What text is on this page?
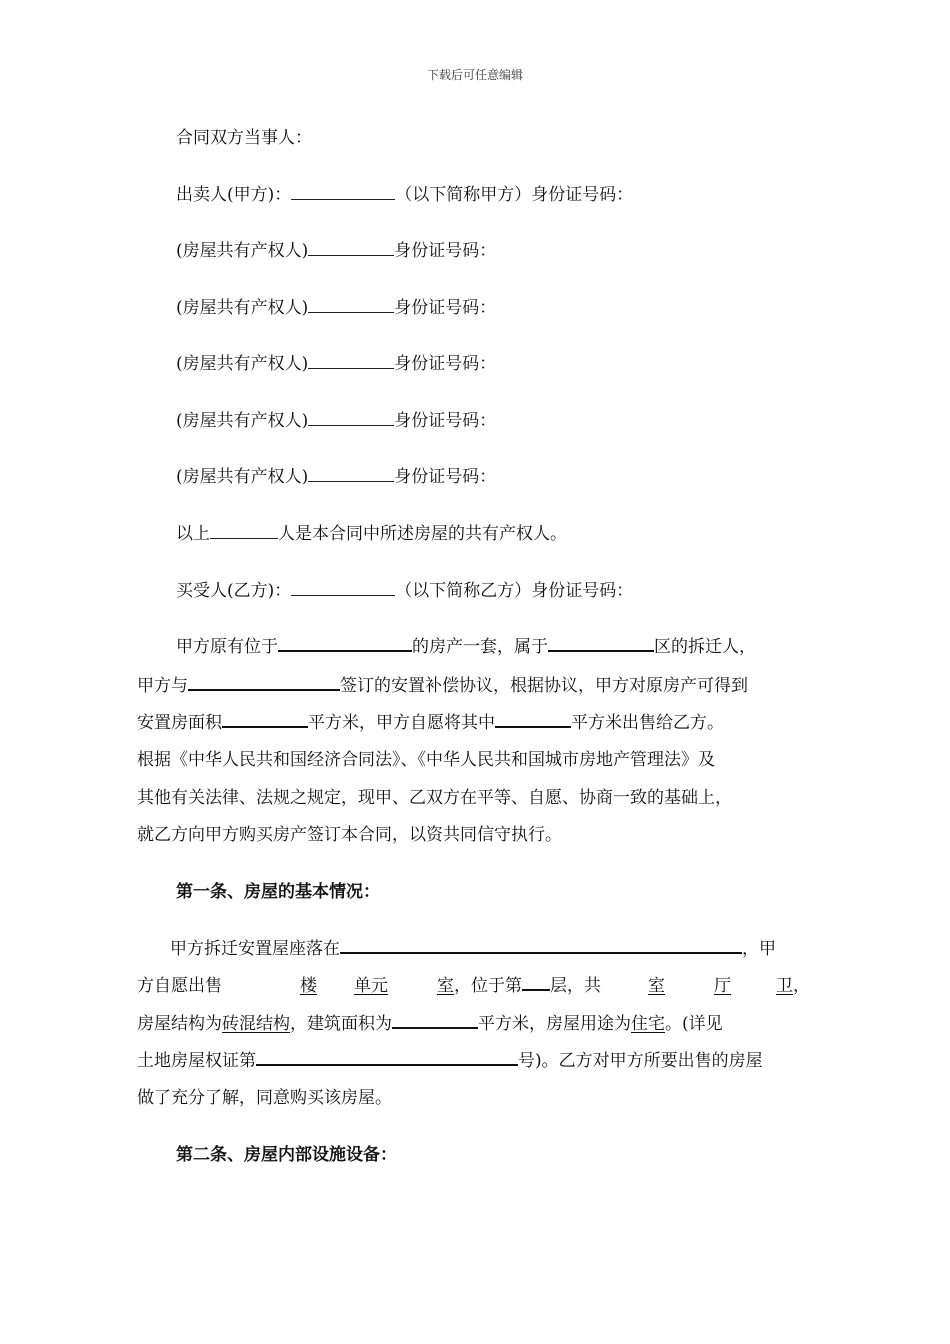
下载后可任意编辑
合同双方当事人：
出卖人(甲方)：	（以下简称甲方）身份证号码：
(房屋共有产权人)	身份证号码：
(房屋共有产权人)	身份证号码：
(房屋共有产权人)	身份证号码：
(房屋共有产权人)	身份证号码：
(房屋共有产权人)	身份证号码：
以上	人是本合同中所述房屋的共有产权人。
买受人(乙方)：	（以下简称乙方）身份证号码：
甲方原有位于	的房产一套，属于	区的拆迁人，
甲方与	签订的安置补偿协议，根据协议，甲方对原房产可得到
安置房面积	平方米，甲方自愿将其中	平方米出售给乙方。
根据《中华人民共和国经济合同法》、《中华人民共和国城市房地产管理法》及
其他有关法律、法规之规定，现甲、乙双方在平等、自愿、协商一致的基础上，
就乙方向甲方购买房产签订本合同，以资共同信守执行。
第一条、房屋的基本情况：
甲方拆迁安置屋座落在	，甲
方自愿出售	楼 单元	室，位于第 层，共	室	厅	卫，
房屋结构为砖混结构，建筑面积为	平方米，房屋用途为住宅。(详见
土地房屋权证第	号)。乙方对甲方所要出售的房屋
做了充分了解，同意购买该房屋。
第二条、房屋内部设施设备：
